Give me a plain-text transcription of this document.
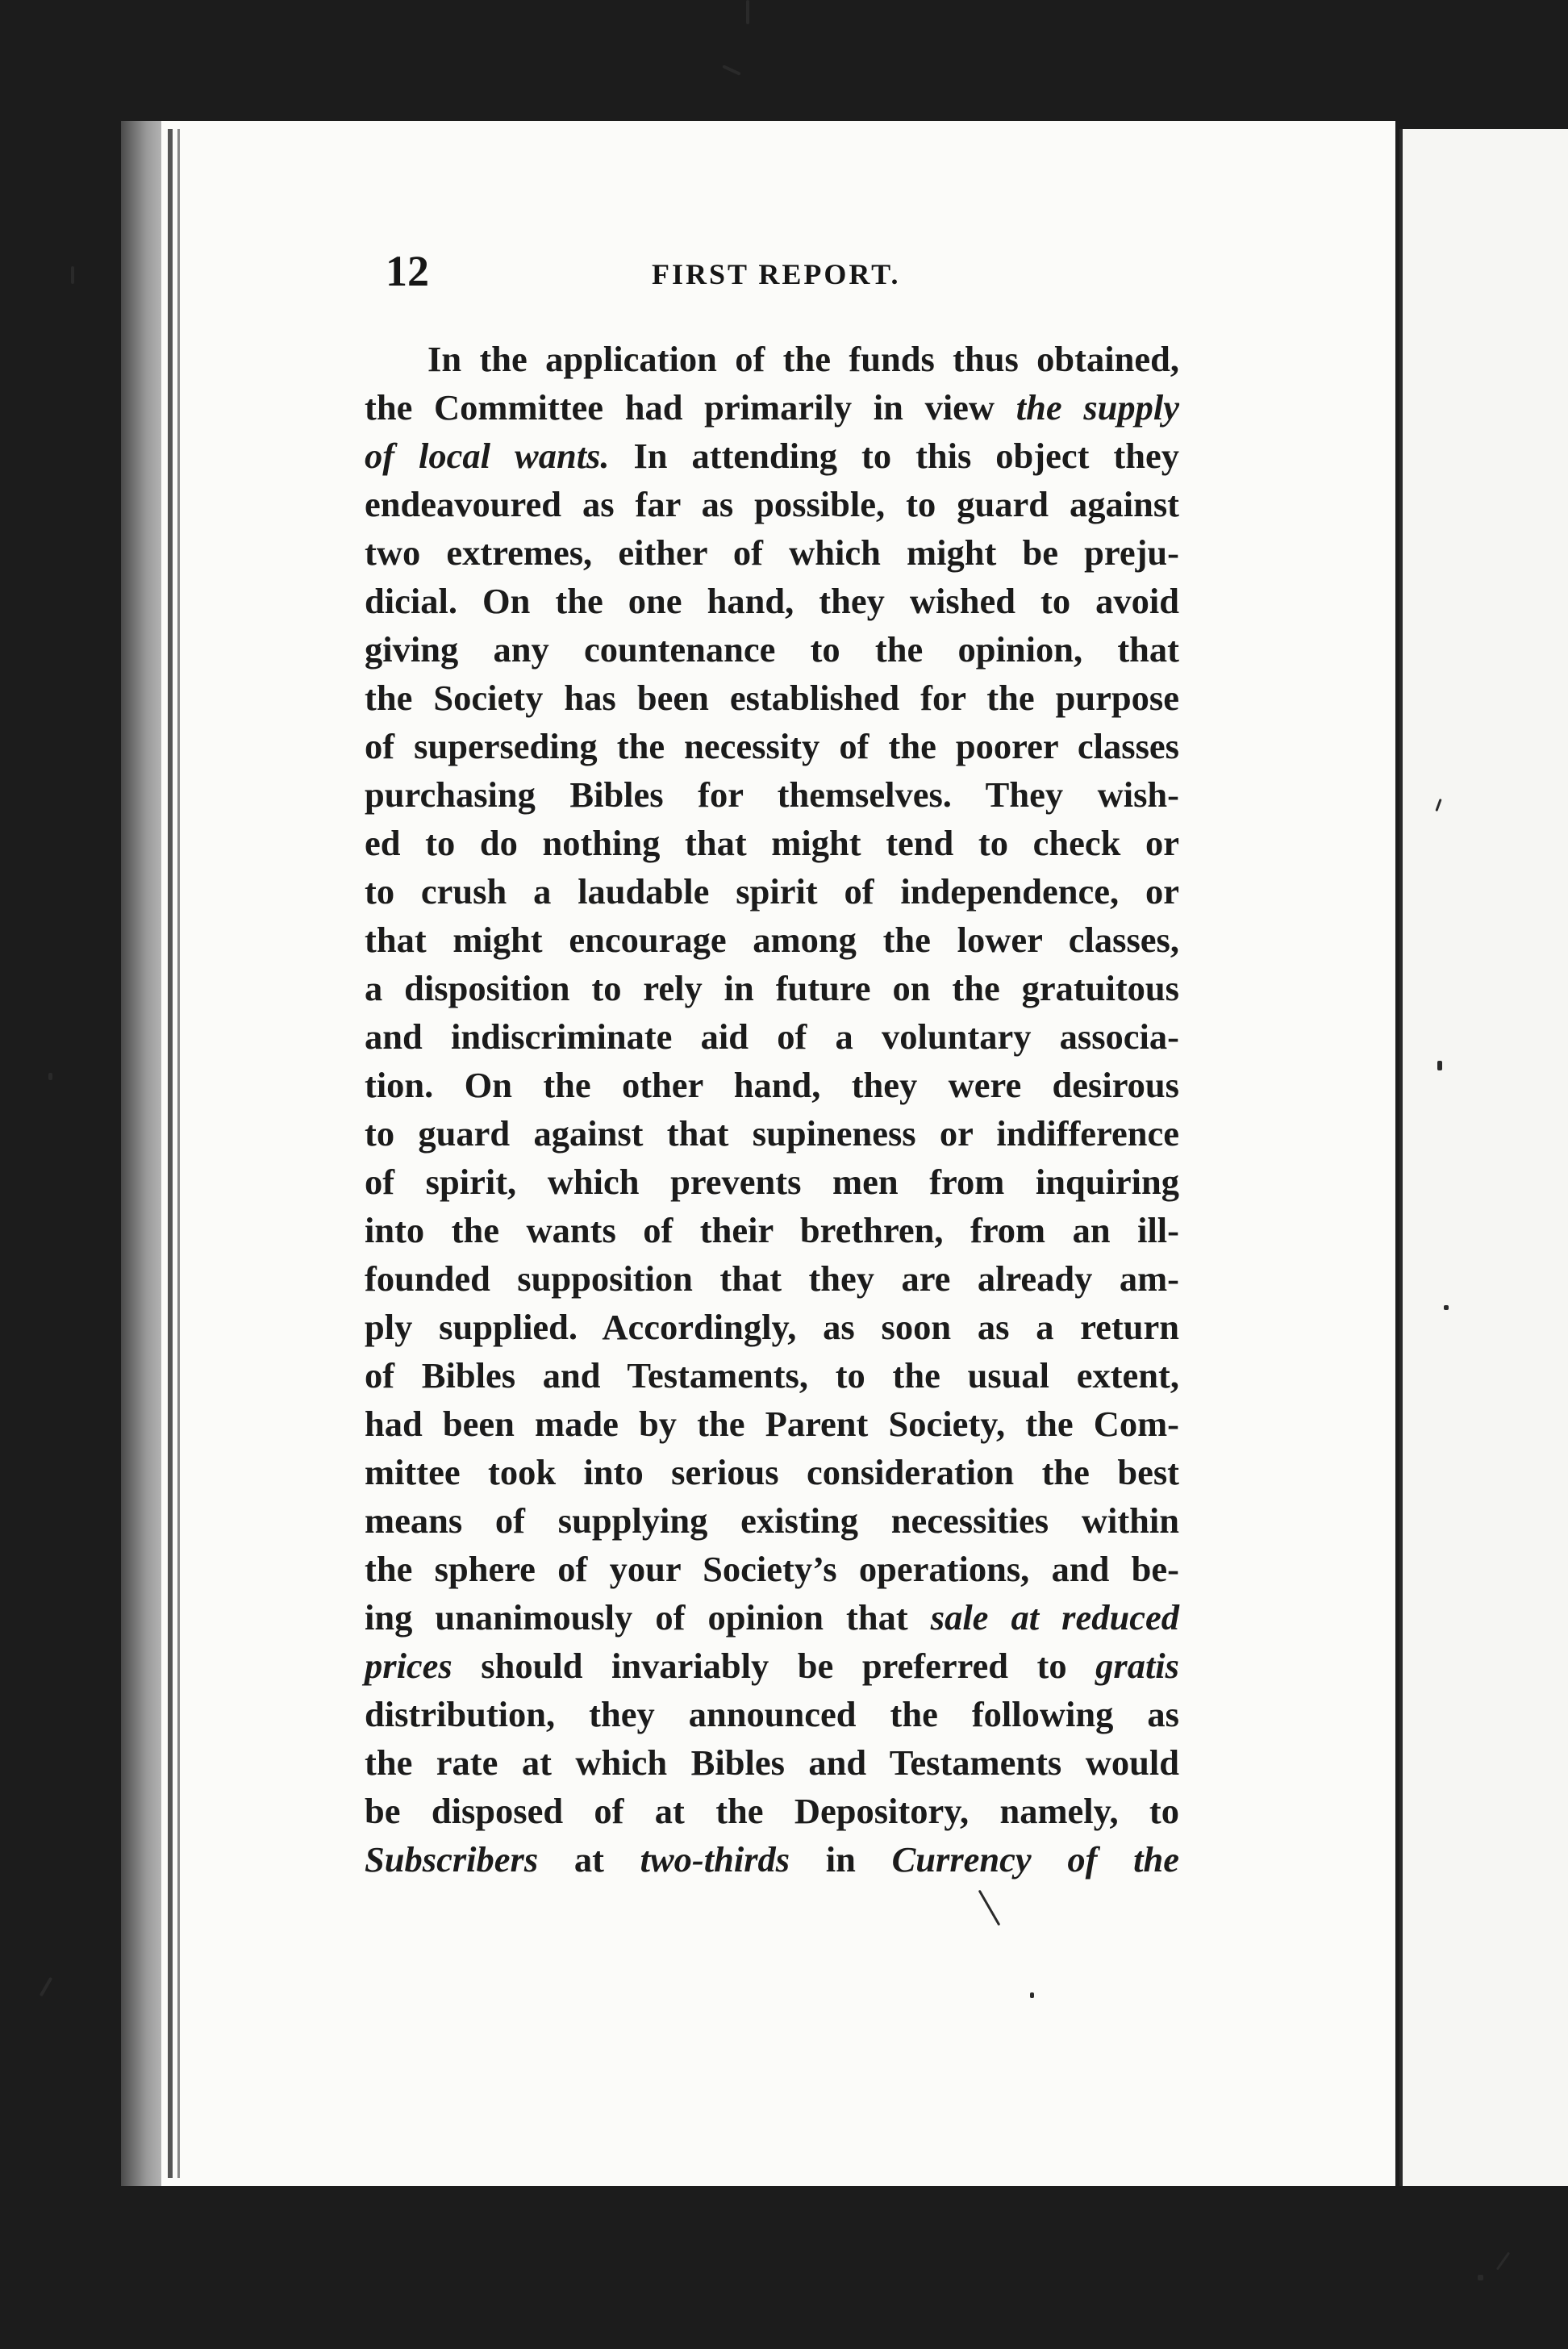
12	FIRST REPORT.
In the application of the funds thus obtained,
the Committee had primarily in view the supply
of local wants. In attending to this object they
endeavoured as far as possible, to guard against
two extremes, either of which might be preju-
dicial. On the one hand, they wished to avoid
giving any countenance to the opinion, that
the Society has been established for the purpose
of superseding the necessity of the poorer classes
purchasing Bibles for themselves. They wish-
ed to do nothing that might tend to check or
to crush a laudable spirit of independence, or
that might encourage among the lower classes,
a disposition to rely in future on the gratuitous
and indiscriminate aid of a voluntary associa-
tion. On the other hand, they were desirous
to guard against that supineness or indifference
of spirit, which prevents men from inquiring
into the wants of their brethren, from an ill-
founded supposition that they are already am-
ply supplied. Accordingly, as soon as a return
of Bibles and Testaments, to the usual extent,
had been made by the Parent Society, the Com-
mittee took into serious consideration the best
means of supplying existing necessities within
the sphere of your Society’s operations, and be-
ing unanimously of opinion that sale at reduced
prices should invariably be preferred to gratis
distribution, they announced the following as
the rate at which Bibles and Testaments would
be disposed of at the Depository, namely, to
Subscribers at two-thirds in Currency of the
